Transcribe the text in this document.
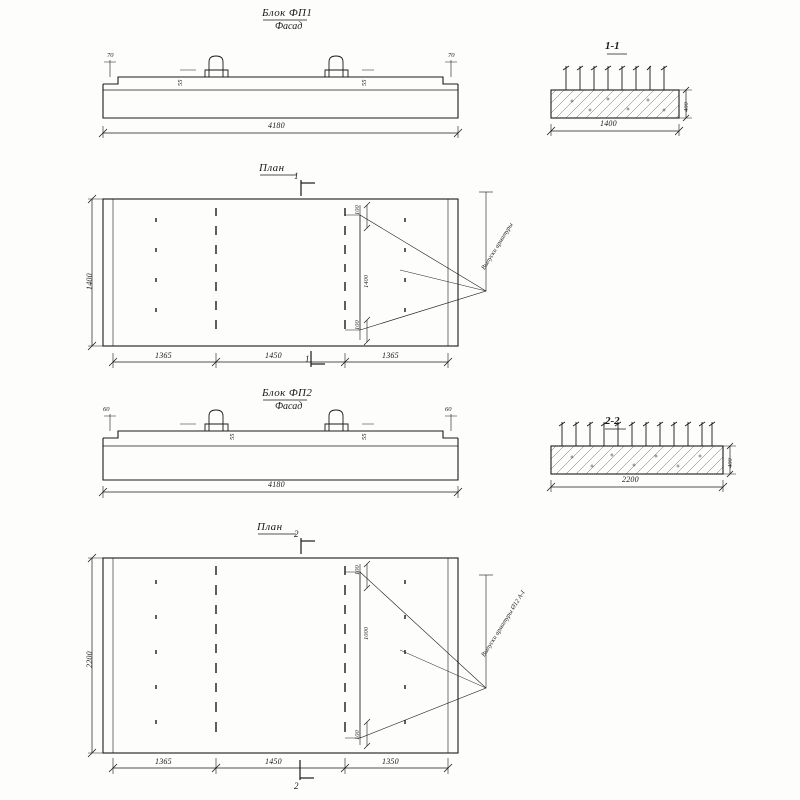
Блок ФП1
Фасад
4180
70	70
55	55
План
1
1
1400	1400
100
100
1365	1450	1365
Выпуски арматуры
Блок ФП2
Фасад
4180
60	60
55	55
План
2
2
2200
1000
100
100
1365	1450	1350
Выпуски арматуры Ø12 А-I
1-1
1400
400
2-2
2200
400
